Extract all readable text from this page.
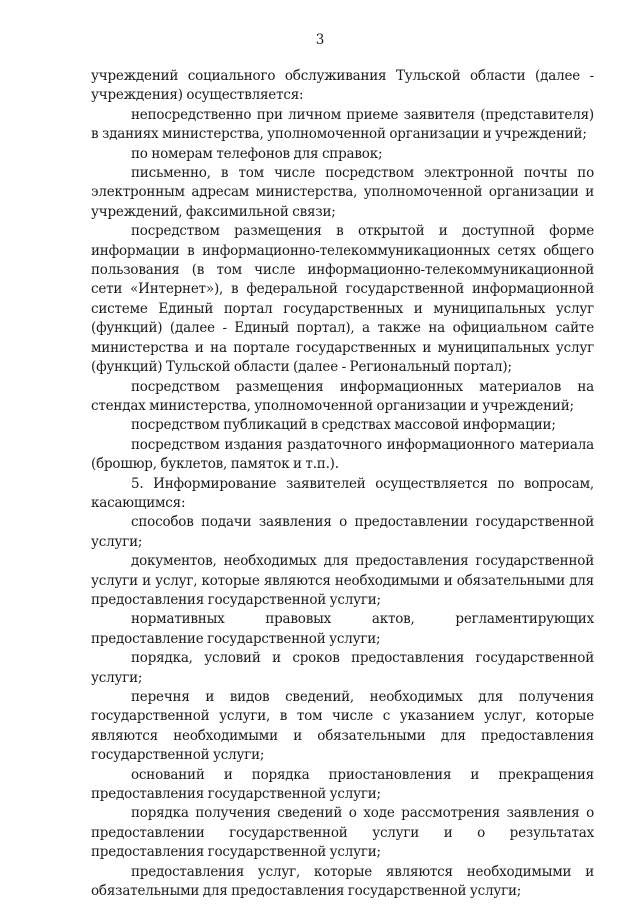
3

учреждений социального обслуживания Тульской области (далее - учреждения) осуществляется:

непосредственно при личном приеме заявителя (представителя) в зданиях министерства, уполномоченной организации и учреждений;

по номерам телефонов для справок;

письменно, в том числе посредством электронной почты по электронным адресам министерства, уполномоченной организации и учреждений, факсимильной связи;

посредством размещения в открытой и доступной форме информации в информационно-телекоммуникационных сетях общего пользования (в том числе информационно-телекоммуникационной сети «Интернет»), в федеральной государственной информационной системе Единый портал государственных и муниципальных услуг (функций) (далее - Единый портал), а также на официальном сайте министерства и на портале государственных и муниципальных услуг (функций) Тульской области (далее - Региональный портал);

посредством размещения информационных материалов на стендах министерства, уполномоченной организации и учреждений;

посредством публикаций в средствах массовой информации;

посредством издания раздаточного информационного материала (брошюр, буклетов, памяток и т.п.).

5. Информирование заявителей осуществляется по вопросам, касающимся:

способов подачи заявления о предоставлении государственной услуги;

документов, необходимых для предоставления государственной услуги и услуг, которые являются необходимыми и обязательными для предоставления государственной услуги;

нормативных правовых актов, регламентирующих предоставление государственной услуги;

порядка, условий и сроков предоставления государственной услуги;

перечня и видов сведений, необходимых для получения государственной услуги, в том числе с указанием услуг, которые являются необходимыми и обязательными для предоставления государственной услуги;

оснований и порядка приостановления и прекращения предоставления государственной услуги;

порядка получения сведений о ходе рассмотрения заявления о предоставлении государственной услуги и о результатах предоставления государственной услуги;

предоставления услуг, которые являются необходимыми и обязательными для предоставления государственной услуги;
